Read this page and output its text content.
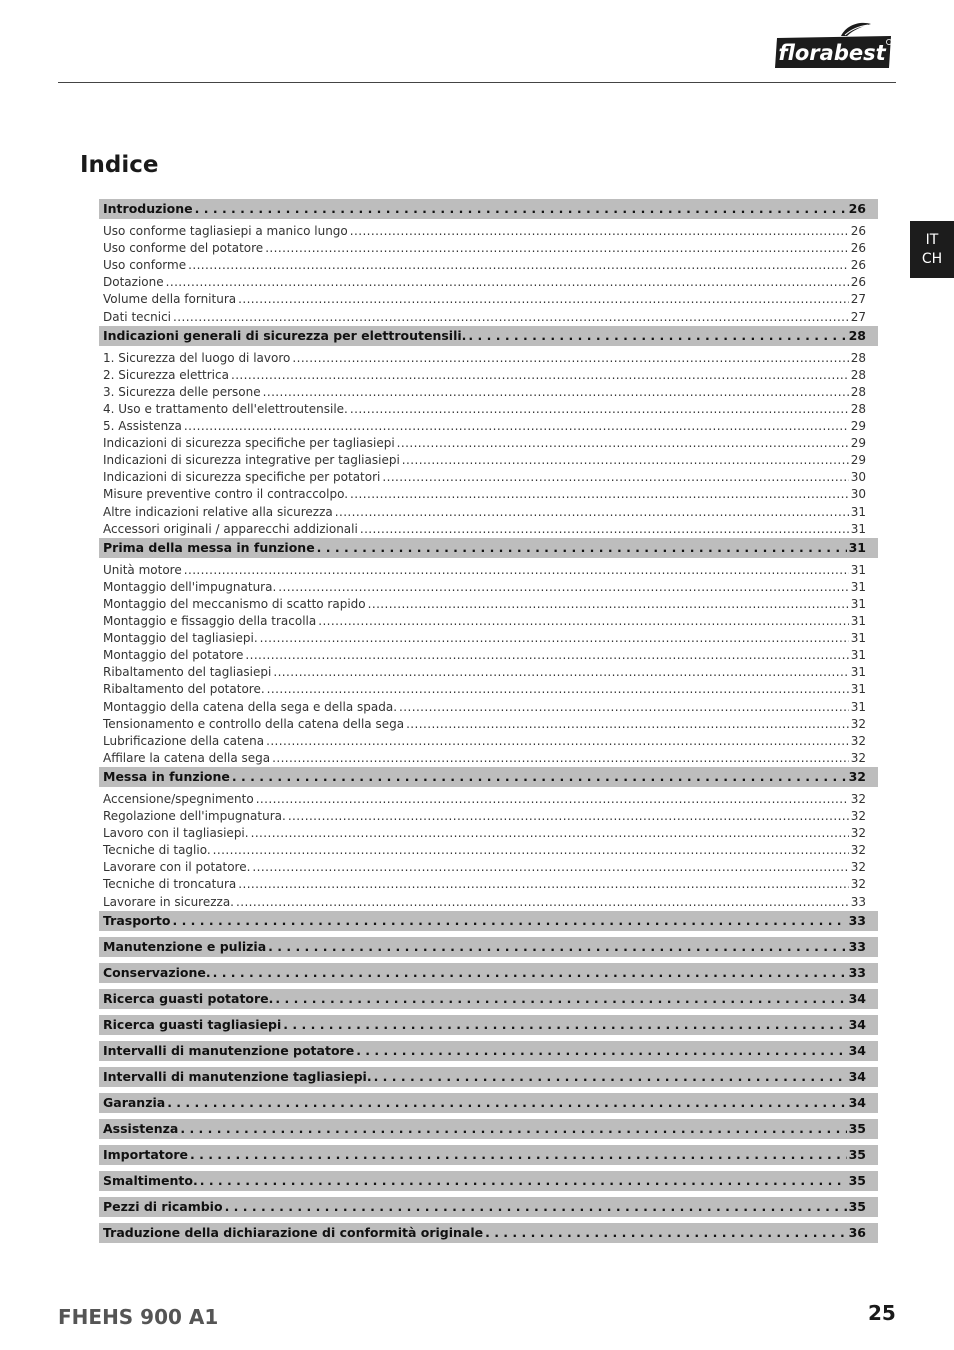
florabest
Indice
IT
CH
Introduzione . . .	26
Uso conforme tagliasiepi a manico lungo . . .	26
Uso conforme del potatore . . .	26
Uso conforme . . .	26
Dotazione . . .	26
Volume della fornitura . . .	27
Dati tecnici . . .	27
Indicazioni generali di sicurezza per elettroutensili. . . .	28
1. Sicurezza del luogo di lavoro . . .	28
2. Sicurezza elettrica . . .	28
3. Sicurezza delle persone . . .	28
4. Uso e trattamento dell'elettroutensile. . . .	28
5. Assistenza . . .	29
Indicazioni di sicurezza specifiche per tagliasiepi . . .	29
Indicazioni di sicurezza integrative per tagliasiepi . . .	29
Indicazioni di sicurezza specifiche per potatori . . .	30
Misure preventive contro il contraccolpo. . . .	30
Altre indicazioni relative alla sicurezza . . .	31
Accessori originali / apparecchi addizionali . . .	31
Prima della messa in funzione . . .	31
Unità motore . . .	31
Montaggio dell'impugnatura. . . .	31
Montaggio del meccanismo di scatto rapido . . .	31
Montaggio e fissaggio della tracolla . . .	31
Montaggio del tagliasiepi. . . .	31
Montaggio del potatore . . .	31
Ribaltamento del tagliasiepi . . .	31
Ribaltamento del potatore. . . .	31
Montaggio della catena della sega e della spada. . . .	31
Tensionamento e controllo della catena della sega . . .	32
Lubrificazione della catena . . .	32
Affilare la catena della sega . . .	32
Messa in funzione . . .	32
Accensione/spegnimento . . .	32
Regolazione dell'impugnatura. . . .	32
Lavoro con il tagliasiepi. . . .	32
Tecniche di taglio. . . .	32
Lavorare con il potatore. . . .	32
Tecniche di troncatura . . .	32
Lavorare in sicurezza. . . .	33
Trasporto . . .	33
Manutenzione e pulizia . . .	33
Conservazione. . . .	33
Ricerca guasti potatore. . . .	34
Ricerca guasti tagliasiepi . . .	34
Intervalli di manutenzione potatore . . .	34
Intervalli di manutenzione tagliasiepi. . . .	34
Garanzia . . .	34
Assistenza . . .	35
Importatore . . .	35
Smaltimento. . . .	35
Pezzi di ricambio . . .	35
Traduzione della dichiarazione di conformità originale . . .	36
FHEHS 900 A1	25
